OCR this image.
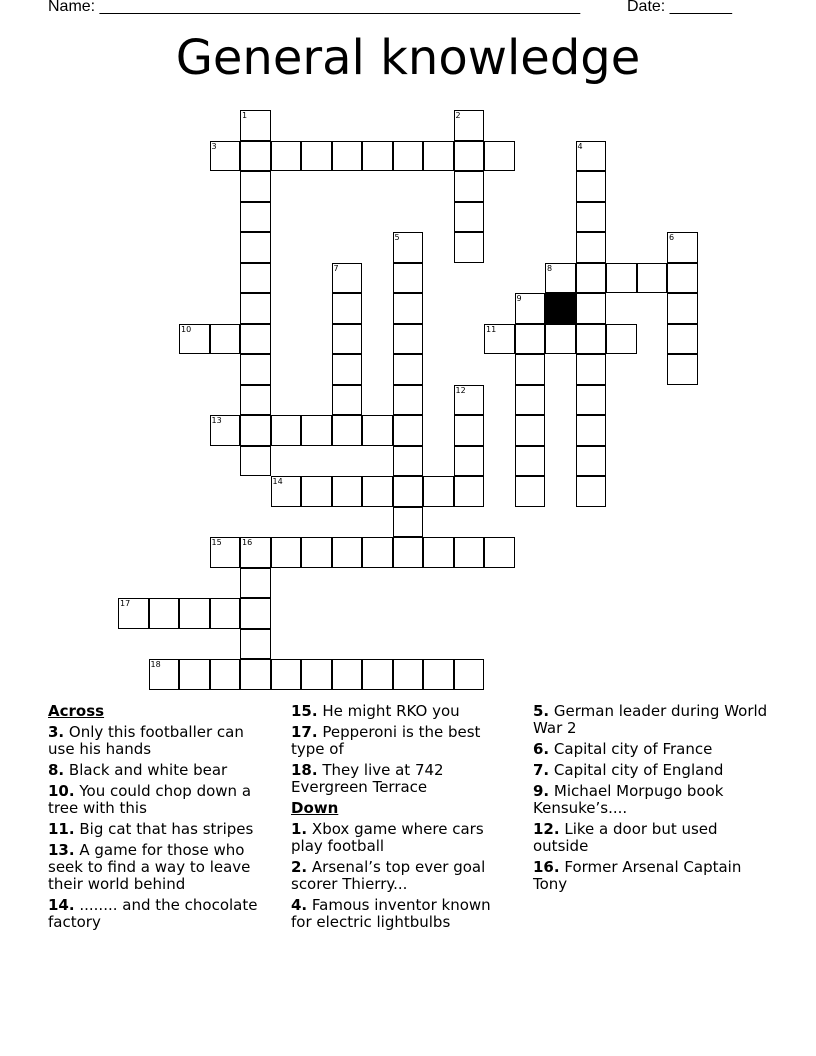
Name: ______________________________________________________	Date: _______
General knowledge
1	2
3	4
5	6
7	8
9
10	11
12
13
14
15	16
17
18
Across
3. Only this footballer can use his hands
8. Black and white bear
10. You could chop down a tree with this
11. Big cat that has stripes
13. A game for those who seek to find a way to leave their world behind
14. ........ and the chocolate factory
15. He might RKO you
17. Pepperoni is the best type of
18. They live at 742 Evergreen Terrace
Down
1. Xbox game where cars play football
2. Arsenal’s top ever goal scorer Thierry...
4. Famous inventor known for electric lightbulbs
5. German leader during World War 2
6. Capital city of France
7. Capital city of England
9. Michael Morpugo book Kensuke’s....
12. Like a door but used outside
16. Former Arsenal Captain Tony
